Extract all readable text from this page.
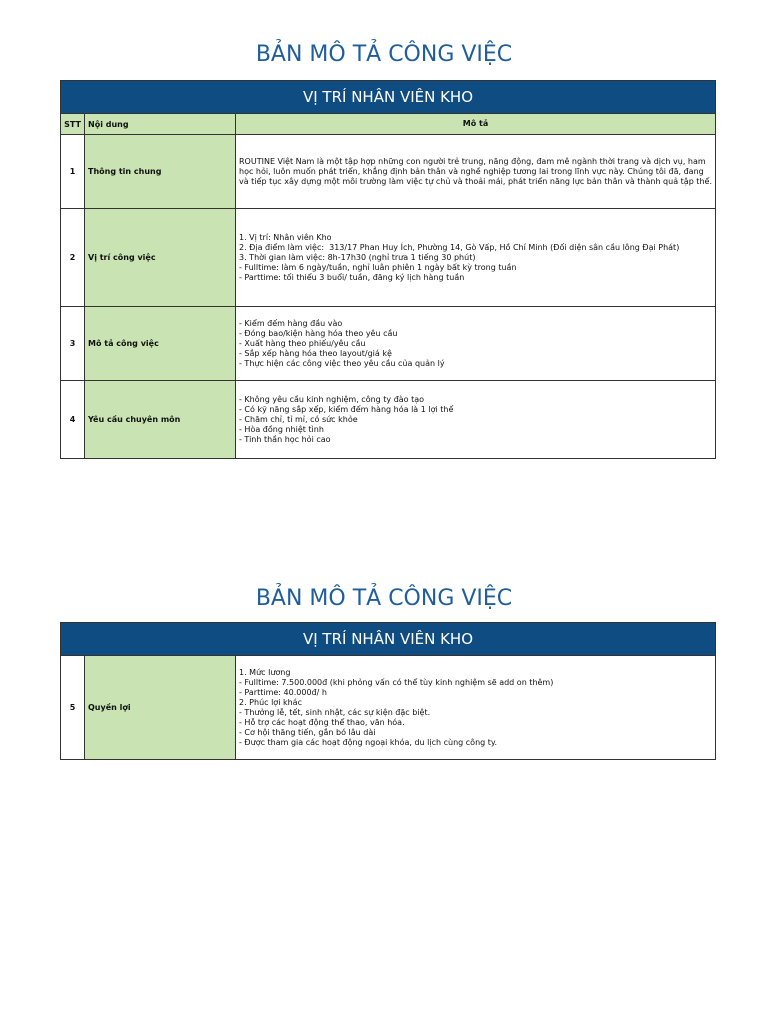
BẢN MÔ TẢ CÔNG VIỆC
VỊ TRÍ NHÂN VIÊN KHO		
STT	Nội dung	Mô tả
1	Thông tin chung	ROUTINE Việt Nam là một tập hợp những con người trẻ trung, năng động, đam mê ngành thời trang và dịch vụ, ham học hỏi, luôn muốn phát triển, khẳng định bản thân và nghề nghiệp tương lai trong lĩnh vực này. Chúng tôi đã, đang và tiếp tục xây dựng một môi trường làm việc tự chủ và thoải mái, phát triển năng lực bản thân và thành quả tập thể.

2	Vị trí công việc	1. Vị trí: Nhân viên Kho
2. Địa điểm làm việc:  313/17 Phan Huy Ích, Phường 14, Gò Vấp, Hồ Chí Minh (Đối diện sân cầu lông Đại Phát)
3. Thời gian làm việc: 8h-17h30 (nghỉ trưa 1 tiếng 30 phút)
- Fulltime: làm 6 ngày/tuần, nghỉ luân phiên 1 ngày bất kỳ trong tuần
- Parttime: tối thiểu 3 buổi/ tuần, đăng ký lịch hàng tuần

3	Mô tả công việc	- Kiểm đếm hàng đầu vào
- Đóng bao/kiện hàng hóa theo yêu cầu
- Xuất hàng theo phiếu/yêu cầu
- Sắp xếp hàng hóa theo layout/giá kệ
- Thực hiện các công việc theo yêu cầu của quản lý

4	Yêu cầu chuyên môn	- Không yêu cầu kinh nghiệm, công ty đào tạo
- Có kỹ năng sắp xếp, kiểm đếm hàng hóa là 1 lợi thế
- Chăm chỉ, tỉ mỉ, có sức khỏe
- Hòa đồng nhiệt tình
- Tinh thần học hỏi cao
BẢN MÔ TẢ CÔNG VIỆC
VỊ TRÍ NHÂN VIÊN KHO
5	Quyền lợi	
1. Mức lương
- Fulltime: 7.500.000đ (khi phỏng vấn có thể tùy kinh nghiệm sẽ add on thêm)
- Parttime: 40.000đ/ h
2. Phúc lợi khác
- Thưởng lễ, tết, sinh nhật, các sự kiện đặc biệt.
- Hỗ trợ các hoạt động thể thao, văn hóa.
- Cơ hội thăng tiến, gắn bó lâu dài
- Được tham gia các hoạt động ngoại khóa, du lịch cùng công ty.
